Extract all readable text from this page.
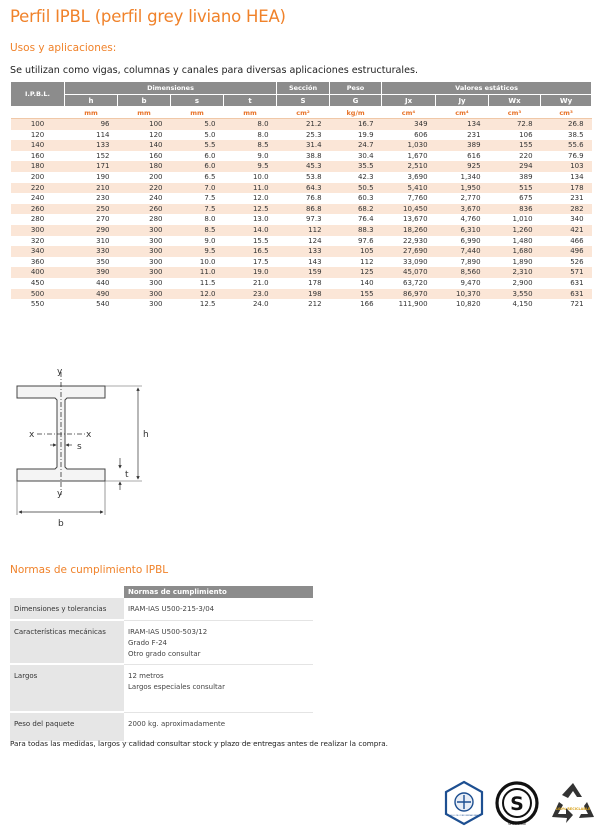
Perfil IPBL (perfil grey liviano HEA)
Usos y aplicaciones:
Se utilizan como vigas, columnas y canales para diversas aplicaciones estructurales.
I.P.B.L.	Dimensiones				Sección	Peso	Valores estáticos			
	h	b	s	t	S	G	Jx	Jy	Wx	Wy
	mm	mm	mm	mm	cm²	kg/m	cm⁴	cm⁴	cm³	cm³
100	96	100	5.0	8.0	21.2	16.7	349	134	72.8	26.8
120	114	120	5.0	8.0	25.3	19.9	606	231	106	38.5
140	133	140	5.5	8.5	31.4	24.7	1,030	389	155	55.6
160	152	160	6.0	9.0	38.8	30.4	1,670	616	220	76.9
180	171	180	6.0	9.5	45.3	35.5	2,510	925	294	103
200	190	200	6.5	10.0	53.8	42.3	3,690	1,340	389	134
220	210	220	7.0	11.0	64.3	50.5	5,410	1,950	515	178
240	230	240	7.5	12.0	76.8	60.3	7,760	2,770	675	231
260	250	260	7.5	12.5	86.8	68.2	10,450	3,670	836	282
280	270	280	8.0	13.0	97.3	76.4	13,670	4,760	1,010	340
300	290	300	8.5	14.0	112	88.3	18,260	6,310	1,260	421
320	310	300	9.0	15.5	124	97.6	22,930	6,990	1,480	466
340	330	300	9.5	16.5	133	105	27,690	7,440	1,680	496
360	350	300	10.0	17.5	143	112	33,090	7,890	1,890	526
400	390	300	11.0	19.0	159	125	45,070	8,560	2,310	571
450	440	300	11.5	21.0	178	140	63,720	9,470	2,900	631
500	490	300	12.0	23.0	198	155	86,970	10,370	3,550	631
550	540	300	12.5	24.0	212	166	111,900	10,820	4,150	721
y
y
x	x	h
s
t
b
Normas de cumplimiento IPBL
	Normas de cumplimiento
Dimensiones y tolerancias	IRAM-IAS U500-215-3/04

Características mecánicas	IRAM-IAS U500-503/12
Grado F-24
Otro grado consultar

Largos	12 metros
Largos especiales consultar

Peso del paquete	2000 kg. aproximadamente
Para todas las medidas, largos y calidad consultar stock y plazo de entregas antes de realizar la compra.
SELLO DE CONFORMIDAD IRAM
S
SEGURIDAD
100% RECICLABLE
